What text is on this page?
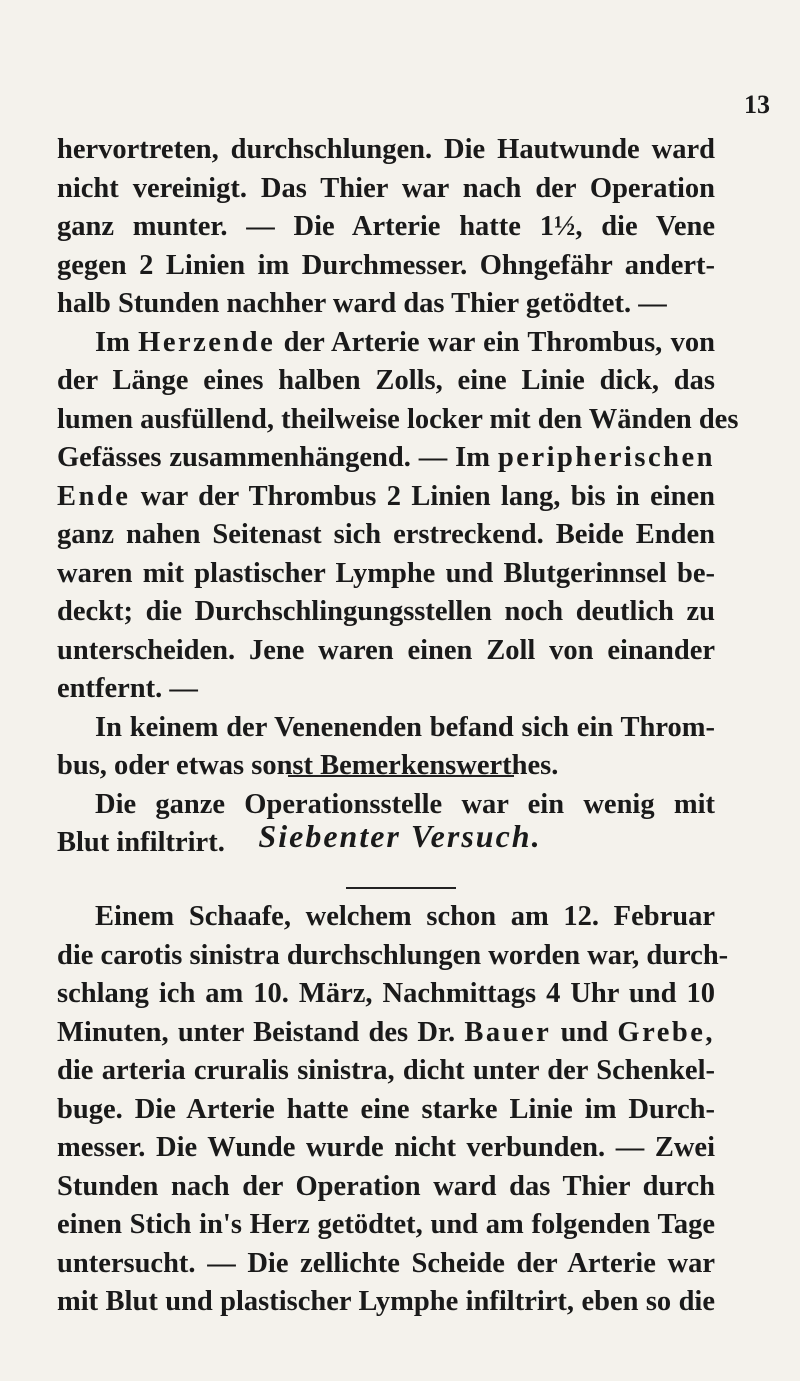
13
hervortreten, durchschlungen. Die Hautwunde ward
nicht vereinigt. Das Thier war nach der Operation
ganz munter. — Die Arterie hatte 1½, die Vene
gegen 2 Linien im Durchmesser. Ohngefähr andert-
halb Stunden nachher ward das Thier getödtet. —
Im Herzende der Arterie war ein Thrombus, von
der Länge eines halben Zolls, eine Linie dick, das
lumen ausfüllend, theilweise locker mit den Wänden des
Gefässes zusammenhängend. — Im peripherischen
Ende war der Thrombus 2 Linien lang, bis in einen
ganz nahen Seitenast sich erstreckend. Beide Enden
waren mit plastischer Lymphe und Blutgerinnsel be-
deckt; die Durchschlingungsstellen noch deutlich zu
unterscheiden. Jene waren einen Zoll von einander
entfernt. —
In keinem der Venenenden befand sich ein Throm-
bus, oder etwas sonst Bemerkenswerthes.
Die ganze Operationsstelle war ein wenig mit
Blut infiltrirt.	Siebenter Versuch.
Einem Schaafe, welchem schon am 12. Februar
die carotis sinistra durchschlungen worden war, durch-
schlang ich am 10. März, Nachmittags 4 Uhr und 10
Minuten, unter Beistand des Dr. Bauer und Grebe,
die arteria cruralis sinistra, dicht unter der Schenkel-
buge. Die Arterie hatte eine starke Linie im Durch-
messer. Die Wunde wurde nicht verbunden. — Zwei
Stunden nach der Operation ward das Thier durch
einen Stich in's Herz getödtet, und am folgenden Tage
untersucht. — Die zellichte Scheide der Arterie war
mit Blut und plastischer Lymphe infiltrirt, eben so die
